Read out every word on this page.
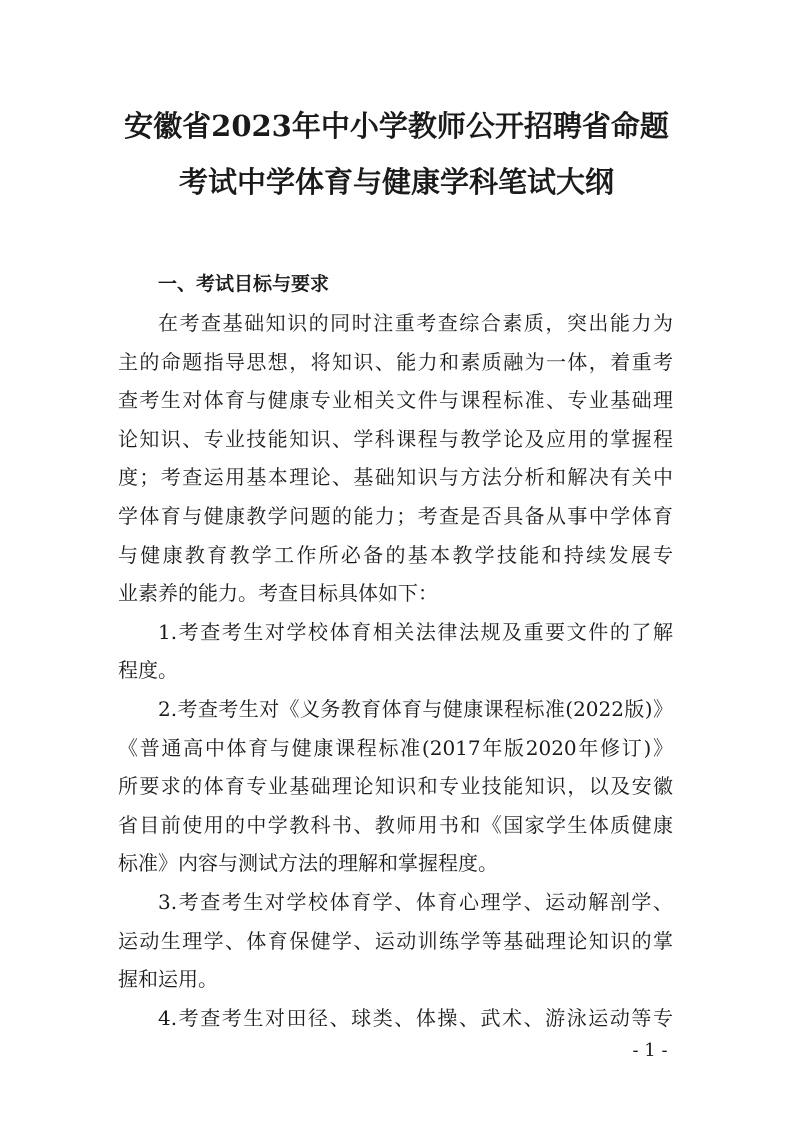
安徽省2023年中小学教师公开招聘省命题
考试中学体育与健康学科笔试大纲
一、考试目标与要求
在考查基础知识的同时注重考查综合素质，突出能力为
主的命题指导思想，将知识、能力和素质融为一体，着重考
查考生对体育与健康专业相关文件与课程标准、专业基础理
论知识、专业技能知识、学科课程与教学论及应用的掌握程
度；考查运用基本理论、基础知识与方法分析和解决有关中
学体育与健康教学问题的能力；考查是否具备从事中学体育
与健康教育教学工作所必备的基本教学技能和持续发展专
业素养的能力。考查目标具体如下：
1.考查考生对学校体育相关法律法规及重要文件的了解
程度。
2.考查考生对《义务教育体育与健康课程标准(2022版)》
《普通高中体育与健康课程标准(2017年版2020年修订)》
所要求的体育专业基础理论知识和专业技能知识，以及安徽
省目前使用的中学教科书、教师用书和《国家学生体质健康
标准》内容与测试方法的理解和掌握程度。
3.考查考生对学校体育学、体育心理学、运动解剖学、
运动生理学、体育保健学、运动训练学等基础理论知识的掌
握和运用。
4.考查考生对田径、球类、体操、武术、游泳运动等专
- 1 -
